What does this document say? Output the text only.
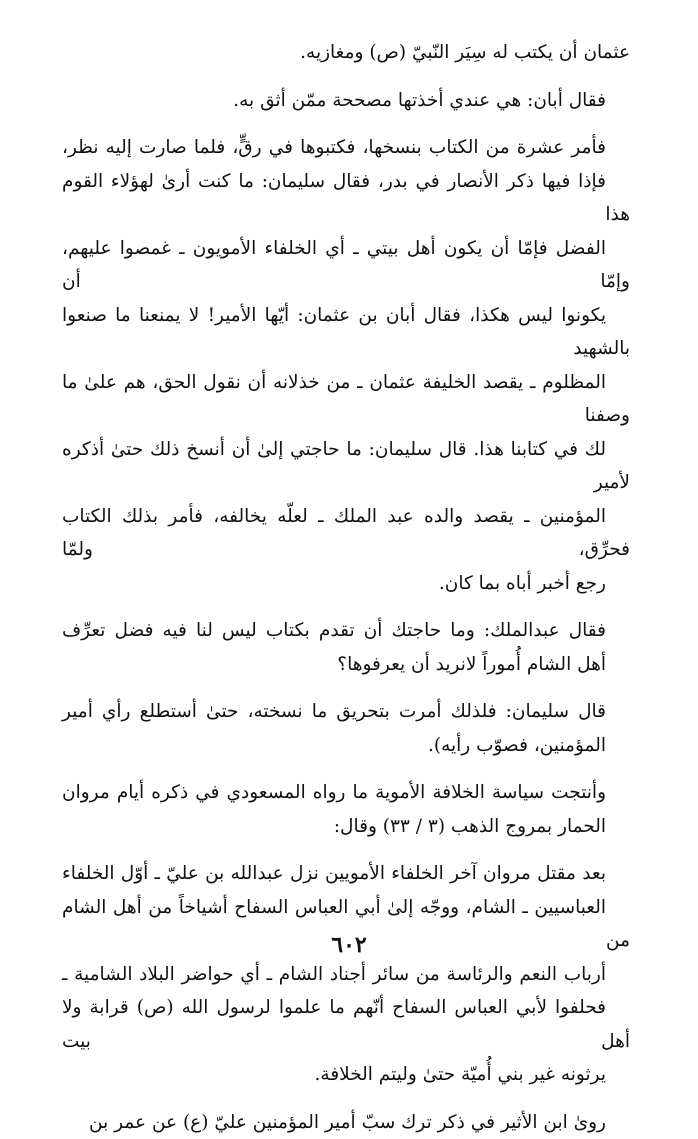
عثمان أن يكتب له سِيَر النّبيّ (ص) ومغازيه.

فقال أبان: هي عندي أخذتها مصححة ممّن أثق به.

فأمر عشرة من الكتاب بنسخها، فكتبوها في رقٍّ، فلما صارت إليه نظر،
فإذا فيها ذكر الأنصار في بدر، فقال سليمان: ما كنت أرىٰ لهؤلاء القوم هذا
الفضل فإمّا أن يكون أهل بيتي ـ أي الخلفاء الأمويون ـ غمصوا عليهم، وإمّا أن
يكونوا ليس هكذا، فقال أبان بن عثمان: أيّها الأمير! لا يمنعنا ما صنعوا بالشهيد
المظلوم ـ يقصد الخليفة عثمان ـ من خذلانه أن نقول الحق، هم علىٰ ما وصفنا
لك في كتابنا هذا. قال سليمان: ما حاجتي إلىٰ أن أنسخ ذلك حتىٰ أذكره لأمير
المؤمنين ـ يقصد والده عبد الملك ـ لعلّه يخالفه، فأمر بذلك الكتاب فحرِّق، ولمّا
رجع أخبر أباه بما كان.

فقال عبدالملك: وما حاجتك أن تقدم بكتاب ليس لنا فيه فضل تعرِّف
أهل الشام أُموراً لانريد أن يعرفوها؟

قال سليمان: فلذلك أمرت بتحريق ما نسخته، حتىٰ أستطلع رأي أمير
المؤمنين، فصوّب رأيه).

وأنتجت سياسة الخلافة الأموية ما رواه المسعودي في ذكره أيام مروان
الحمار بمروج الذهب (٣ / ٣٣) وقال:

بعد مقتل مروان آخر الخلفاء الأمويين نزل عبدالله بن عليّ ـ أوّل الخلفاء
العباسيين ـ الشام، ووجّه إلىٰ أبي العباس السفاح أشياخاً من أهل الشام من
أرباب النعم والرئاسة من سائر أجناد الشام ـ أي حواضر البلاد الشامية ـ
فحلفوا لأبي العباس السفاح أنّهم ما علموا لرسول الله (ص) قرابة ولا أهل بيت
يرثونه غير بني أُميّة حتىٰ وليتم الخلافة.

روىٰ ابن الأثير في ذكر ترك سبّ أمير المؤمنين عليّ (ع) عن عمر بن

٦٠٢
